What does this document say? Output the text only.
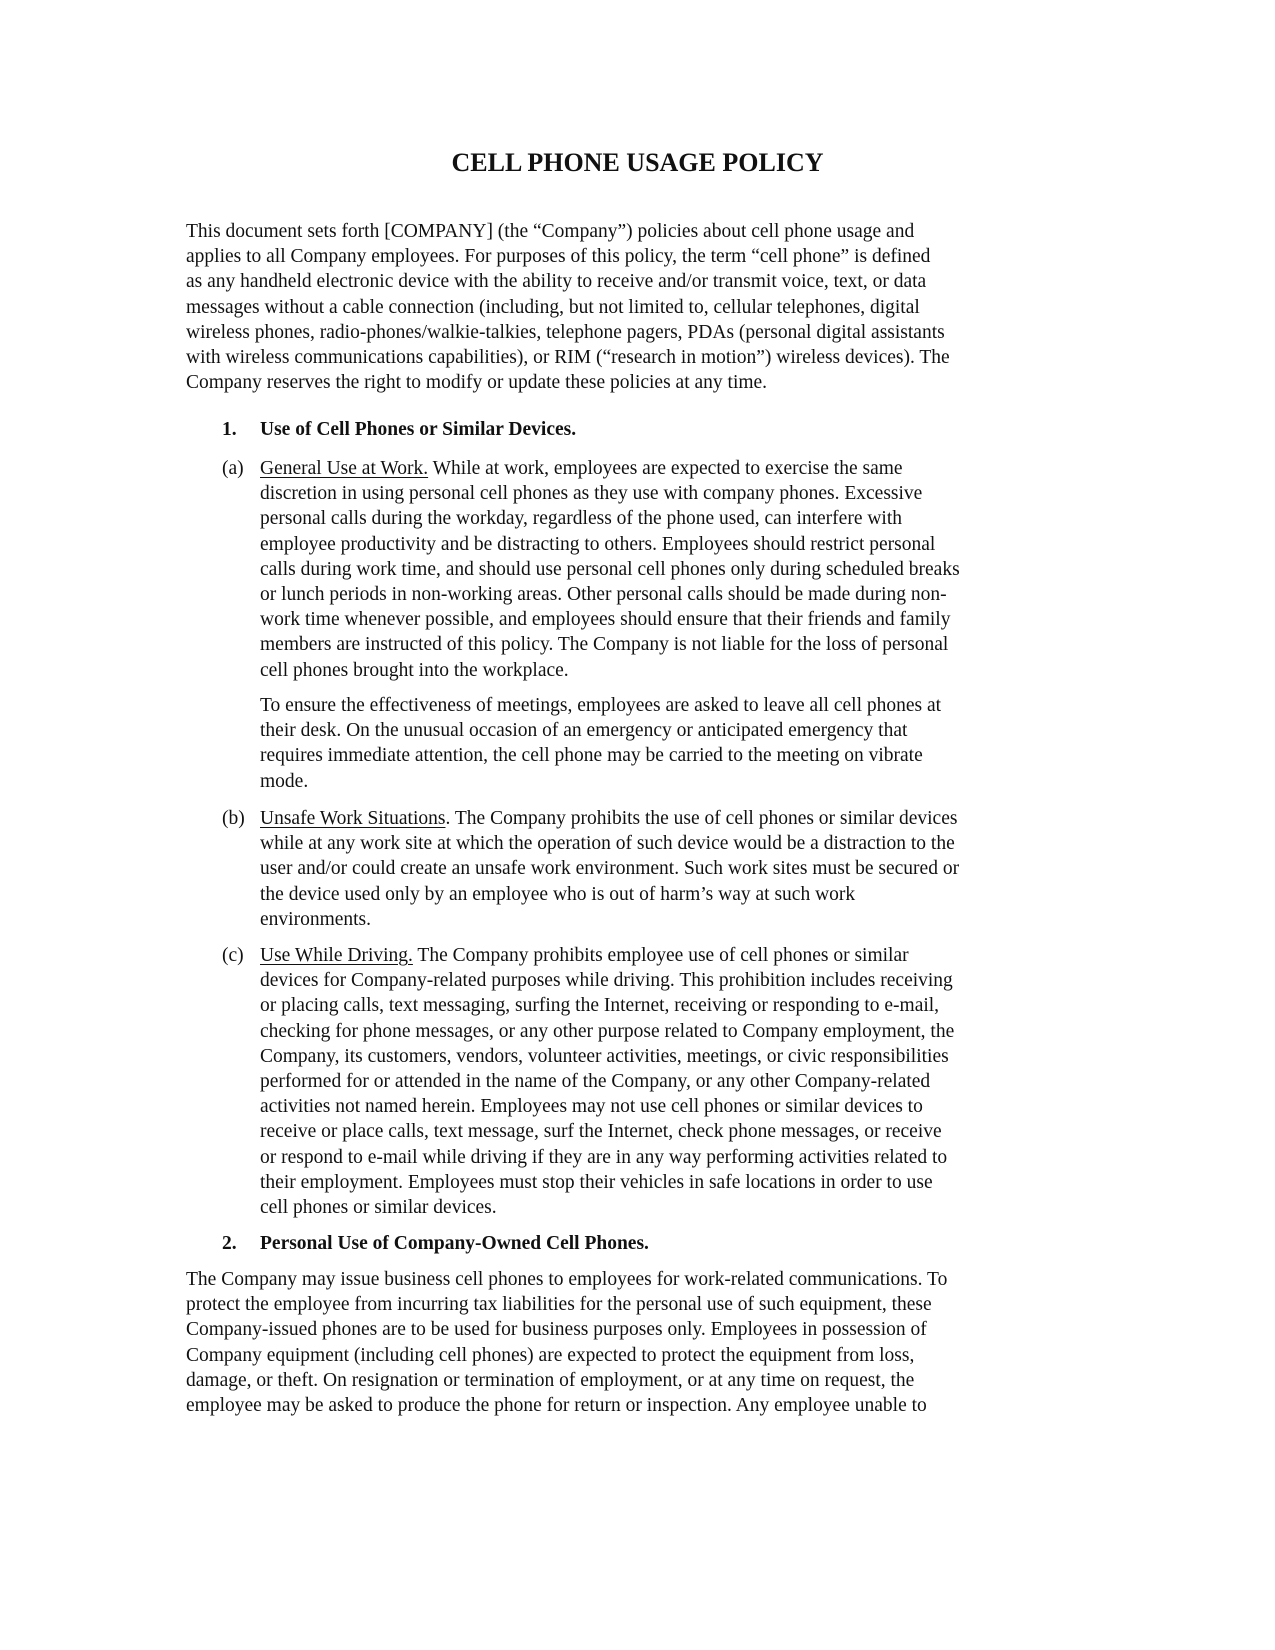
CELL PHONE USAGE POLICY
This document sets forth [COMPANY] (the “Company”) policies about cell phone usage and
applies to all Company employees. For purposes of this policy, the term “cell phone” is defined
as any handheld electronic device with the ability to receive and/or transmit voice, text, or data
messages without a cable connection (including, but not limited to, cellular telephones, digital
wireless phones, radio-phones/walkie-talkies, telephone pagers, PDAs (personal digital assistants
with wireless communications capabilities), or RIM (“research in motion”) wireless devices). The
Company reserves the right to modify or update these policies at any time.
1. Use of Cell Phones or Similar Devices.
(a) General Use at Work. While at work, employees are expected to exercise the same
discretion in using personal cell phones as they use with company phones. Excessive
personal calls during the workday, regardless of the phone used, can interfere with
employee productivity and be distracting to others. Employees should restrict personal
calls during work time, and should use personal cell phones only during scheduled breaks
or lunch periods in non-working areas. Other personal calls should be made during non-
work time whenever possible, and employees should ensure that their friends and family
members are instructed of this policy. The Company is not liable for the loss of personal
cell phones brought into the workplace.
To ensure the effectiveness of meetings, employees are asked to leave all cell phones at
their desk. On the unusual occasion of an emergency or anticipated emergency that
requires immediate attention, the cell phone may be carried to the meeting on vibrate
mode.
(b) Unsafe Work Situations. The Company prohibits the use of cell phones or similar devices
while at any work site at which the operation of such device would be a distraction to the
user and/or could create an unsafe work environment. Such work sites must be secured or
the device used only by an employee who is out of harm’s way at such work
environments.
(c) Use While Driving. The Company prohibits employee use of cell phones or similar
devices for Company-related purposes while driving. This prohibition includes receiving
or placing calls, text messaging, surfing the Internet, receiving or responding to e-mail,
checking for phone messages, or any other purpose related to Company employment, the
Company, its customers, vendors, volunteer activities, meetings, or civic responsibilities
performed for or attended in the name of the Company, or any other Company-related
activities not named herein. Employees may not use cell phones or similar devices to
receive or place calls, text message, surf the Internet, check phone messages, or receive
or respond to e-mail while driving if they are in any way performing activities related to
their employment. Employees must stop their vehicles in safe locations in order to use
cell phones or similar devices.
2. Personal Use of Company-Owned Cell Phones.
The Company may issue business cell phones to employees for work-related communications. To
protect the employee from incurring tax liabilities for the personal use of such equipment, these
Company-issued phones are to be used for business purposes only. Employees in possession of
Company equipment (including cell phones) are expected to protect the equipment from loss,
damage, or theft. On resignation or termination of employment, or at any time on request, the
employee may be asked to produce the phone for return or inspection. Any employee unable to
